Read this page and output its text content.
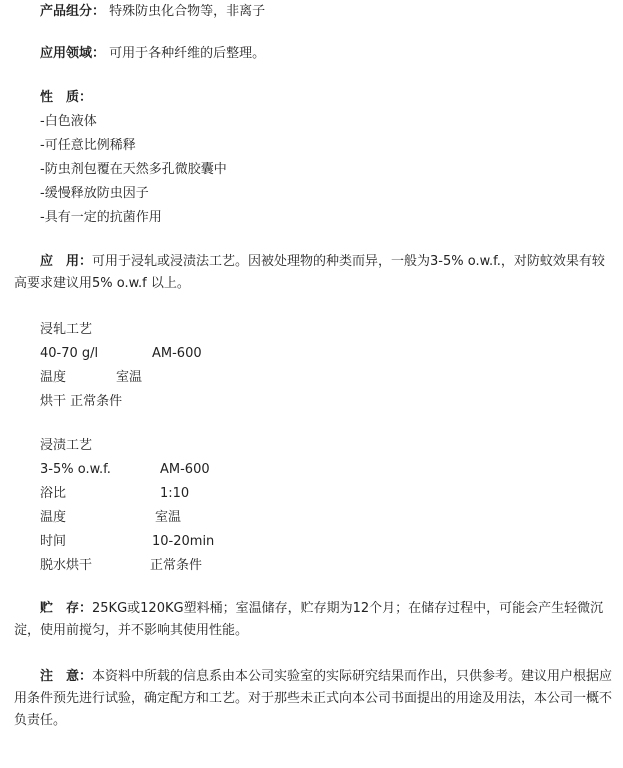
产品组分： 特殊防虫化合物等，非离子
应用领域： 可用于各种纤维的后整理。
性　质：
-白色液体
-可任意比例稀释
-防虫剂包覆在天然多孔微胶囊中
-缓慢释放防虫因子
-具有一定的抗菌作用
应　用：可用于浸轧或浸渍法工艺。因被处理物的种类而异，一般为3-5% o.w.f.，对防蚊效果有较高要求建议用5% o.w.f 以上。
浸轧工艺
40-70 g/l	AM-600
温度	室温
烘干 正常条件
浸渍工艺
3-5% o.w.f.	AM-600
浴比	1:10
温度	室温
时间	10-20min
脱水烘干	正常条件
贮　存：25KG或120KG塑料桶；室温储存，贮存期为12个月；在储存过程中，可能会产生轻微沉淀，使用前搅匀，并不影响其使用性能。
注　意：本资料中所载的信息系由本公司实验室的实际研究结果而作出，只供参考。建议用户根据应用条件预先进行试验，确定配方和工艺。对于那些未正式向本公司书面提出的用途及用法，本公司一概不负责任。
